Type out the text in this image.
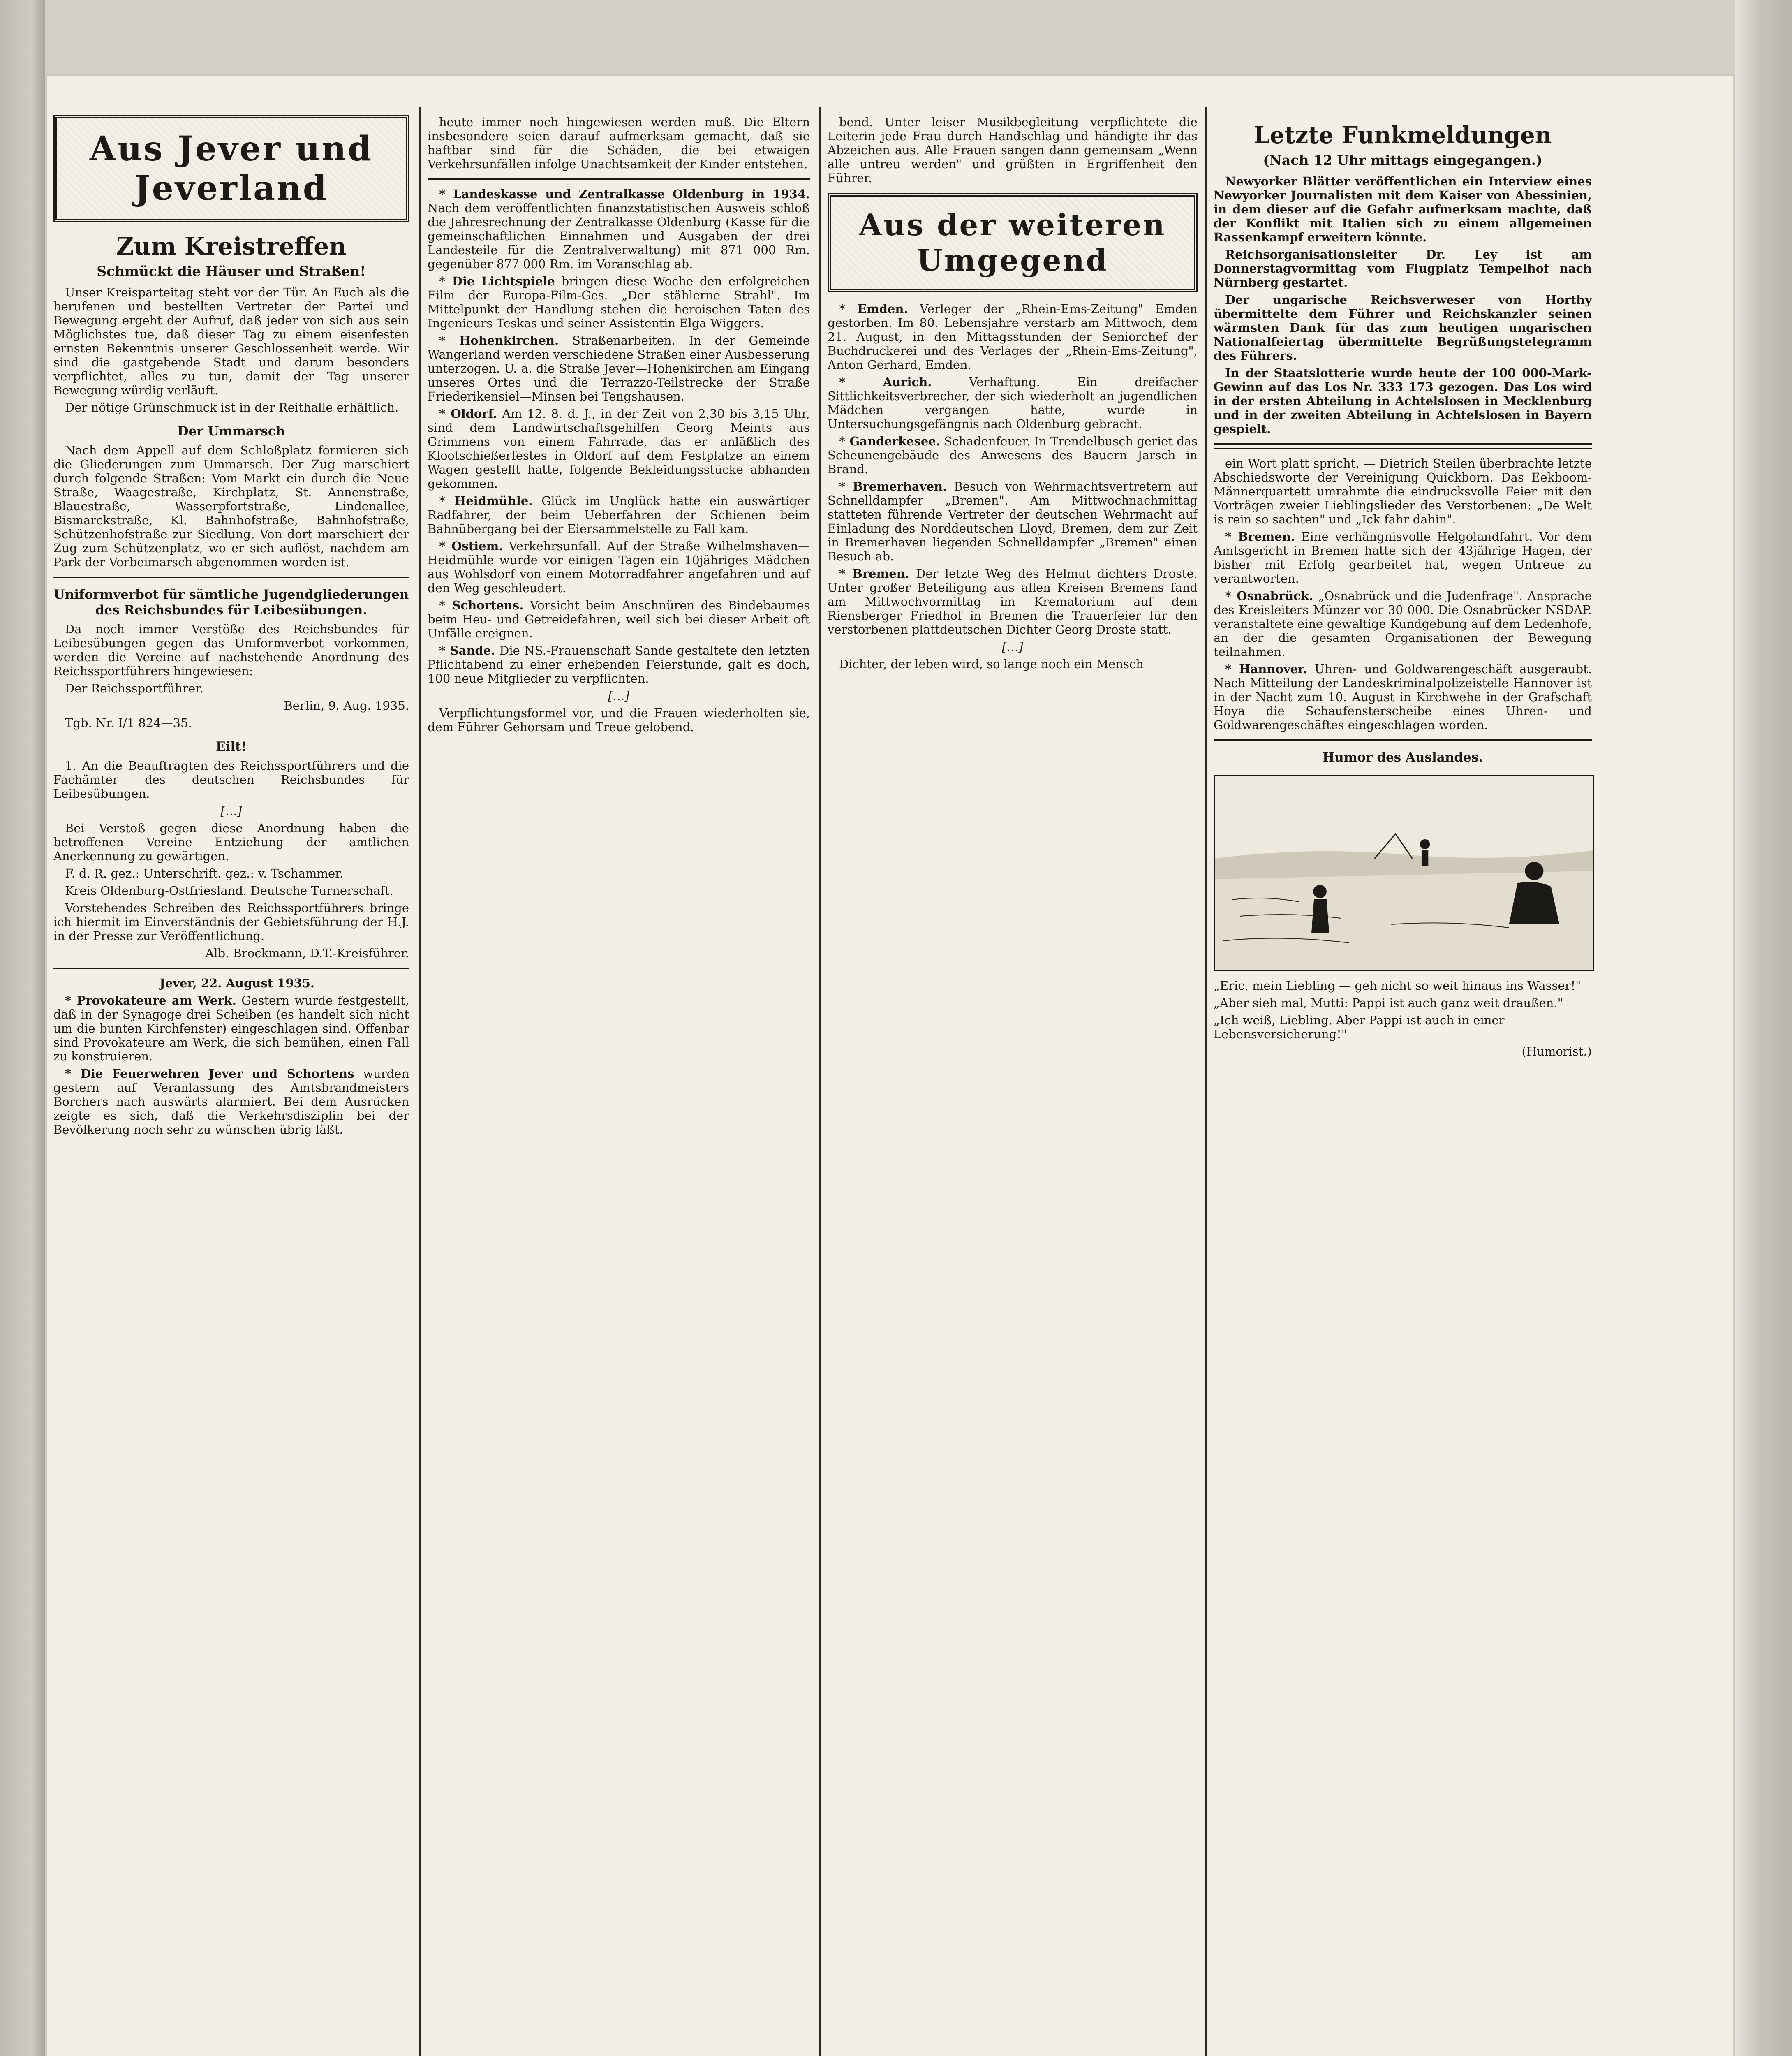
Aus Jever und Jeverland
Zum Kreistreffen
Schmückt die Häuser und Straßen!

Unser Kreisparteitag steht vor der Tür. An Euch als die berufenen und bestellten Vertreter der Partei und Bewegung ergeht der Aufruf, daß jeder von sich aus sein Möglichstes tue, daß dieser Tag zu einem eisenfesten ernsten Bekenntnis unserer Geschlossenheit werde. Wir sind die gastgebende Stadt und darum besonders verpflichtet, alles zu tun, damit der Tag unserer Bewegung würdig verläuft.

Der nötige Grünschmuck ist in der Reithalle erhältlich.

Der Ummarsch

Nach dem Appell auf dem Schloßplatz formieren sich die Gliederungen zum Ummarsch. Der Zug marschiert durch folgende Straßen: Vom Markt ein durch die Neue Straße, Waagestraße, Kirchplatz, St. Annenstraße, Blauestraße, Wasserpfortstraße, Lindenallee, Bismarckstraße, Kl. Bahnhofstraße, Bahnhofstraße, Schützenhofstraße zur Siedlung. Von dort marschiert der Zug zum Schützenplatz, wo er sich auflöst, nachdem am Park der Vorbeimarsch abgenommen worden ist.

Uniformverbot für sämtliche Jugendgliederungen des Reichsbundes für Leibesübungen.

Da noch immer Verstöße des Reichsbundes für Leibesübungen gegen das Uniformverbot vorkommen, werden die Vereine auf nachstehende Anordnung des Reichssportführers hingewiesen:

Der Reichssportführer.

Berlin, 9. Aug. 1935.

Tgb. Nr. I/1 824—35.

Eilt!

1. An die Beauftragten des Reichssportführers und die Fachämter des deutschen Reichsbundes für Leibesübungen.

[…]

Bei Verstoß gegen diese Anordnung haben die betroffenen Vereine Entziehung der amtlichen Anerkennung zu gewärtigen.

F. d. R. gez.: Unterschrift. gez.: v. Tschammer.

Kreis Oldenburg-Ostfriesland. Deutsche Turnerschaft.

Vorstehendes Schreiben des Reichssportführers bringe ich hiermit im Einverständnis der Gebietsführung der H.J. in der Presse zur Veröffentlichung.

Alb. Brockmann, D.T.-Kreisführer.

Jever, 22. August 1935.

* Provokateure am Werk. Gestern wurde festgestellt, daß in der Synagoge drei Scheiben (es handelt sich nicht um die bunten Kirchfenster) eingeschlagen sind. Offenbar sind Provokateure am Werk, die sich bemühen, einen Fall zu konstruieren.

* Die Feuerwehren Jever und Schortens wurden gestern auf Veranlassung des Amtsbrandmeisters Borchers nach auswärts alarmiert. Bei dem Ausrücken zeigte es sich, daß die Verkehrsdisziplin bei der Bevölkerung noch sehr zu wünschen übrig läßt.

heute immer noch hingewiesen werden muß. Die Eltern insbesondere seien darauf aufmerksam gemacht, daß sie haftbar sind für die Schäden, die bei etwaigen Verkehrsunfällen infolge Unachtsamkeit der Kinder entstehen.

* Landeskasse und Zentralkasse Oldenburg in 1934. Nach dem veröffentlichten finanzstatistischen Ausweis schloß die Jahresrechnung der Zentralkasse Oldenburg (Kasse für die gemeinschaftlichen Einnahmen und Ausgaben der drei Landesteile für die Zentralverwaltung) mit 871 000 Rm. gegenüber 877 000 Rm. im Voranschlag ab.

* Die Lichtspiele bringen diese Woche den erfolgreichen Film der Europa-Film-Ges. „Der stählerne Strahl". Im Mittelpunkt der Handlung stehen die heroischen Taten des Ingenieurs Teskas und seiner Assistentin Elga Wiggers.

* Hohenkirchen. Straßenarbeiten. In der Gemeinde Wangerland werden verschiedene Straßen einer Ausbesserung unterzogen. U. a. die Straße Jever—Hohenkirchen am Eingang unseres Ortes und die Terrazzo-Teilstrecke der Straße Friederikensiel—Minsen bei Tengshausen.

* Oldorf. Am 12. 8. d. J., in der Zeit von 2,30 bis 3,15 Uhr, sind dem Landwirtschaftsgehilfen Georg Meints aus Grimmens von einem Fahrrade, das er anläßlich des Klootschießerfestes in Oldorf auf dem Festplatze an einem Wagen gestellt hatte, folgende Bekleidungsstücke abhanden gekommen.

* Heidmühle. Glück im Unglück hatte ein auswärtiger Radfahrer, der beim Ueberfahren der Schienen beim Bahnübergang bei der Eiersammelstelle zu Fall kam.

* Ostiem. Verkehrsunfall. Auf der Straße Wilhelmshaven—Heidmühle wurde vor einigen Tagen ein 10jähriges Mädchen aus Wohlsdorf von einem Motorradfahrer angefahren und auf den Weg geschleudert.

* Schortens. Vorsicht beim Anschnüren des Bindebaumes beim Heu- und Getreidefahren, weil sich bei dieser Arbeit oft Unfälle ereignen.

* Sande. Die NS.-Frauenschaft Sande gestaltete den letzten Pflichtabend zu einer erhebenden Feierstunde, galt es doch, 100 neue Mitglieder zu verpflichten.

[…]

Verpflichtungsformel vor, und die Frauen wiederholten sie, dem Führer Gehorsam und Treue gelobend.

bend. Unter leiser Musikbegleitung verpflichtete die Leiterin jede Frau durch Handschlag und händigte ihr das Abzeichen aus. Alle Frauen sangen dann gemeinsam „Wenn alle untreu werden" und grüßten in Ergriffenheit den Führer.

Aus der weiteren Umgegend

* Emden. Verleger der „Rhein-Ems-Zeitung" Emden gestorben. Im 80. Lebensjahre verstarb am Mittwoch, dem 21. August, in den Mittagsstunden der Seniorchef der Buchdruckerei und des Verlages der „Rhein-Ems-Zeitung", Anton Gerhard, Emden.

* Aurich.	Verhaftung. Ein dreifacher Sittlichkeitsverbrecher, der sich wiederholt an jugendlichen Mädchen vergangen hatte, wurde in Untersuchungsgefängnis nach Oldenburg gebracht.

* Ganderkesee. Schadenfeuer. In Trendelbusch geriet das Scheunengebäude des Anwesens des Bauern Jarsch in Brand.

* Bremerhaven. Besuch von Wehrmachtsvertretern auf Schnelldampfer „Bremen". Am Mittwochnachmittag statteten führende Vertreter der deutschen Wehrmacht auf Einladung des Norddeutschen Lloyd, Bremen, dem zur Zeit in Bremerhaven liegenden Schnelldampfer „Bremen" einen Besuch ab.

* Bremen. Der letzte Weg des Helmut dichters Droste. Unter großer Beteiligung aus allen Kreisen Bremens fand am Mittwochvormittag im Krematorium auf dem Riensberger Friedhof in Bremen die Trauerfeier für den verstorbenen plattdeutschen Dichter Georg Droste statt.

[…]

Dichter, der leben wird, so lange noch ein Mensch

Letzte Funkmeldungen
(Nach 12 Uhr mittags eingegangen.)

Newyorker Blätter veröffentlichen ein Interview eines Newyorker Journalisten mit dem Kaiser von Abessinien, in dem dieser auf die Gefahr aufmerksam machte, daß der Konflikt mit Italien sich zu einem allgemeinen Rassenkampf erweitern könnte.

Reichsorganisationsleiter Dr. Ley ist am Donnerstagvormittag vom Flugplatz Tempelhof nach Nürnberg gestartet.

Der ungarische Reichsverweser von Horthy übermittelte dem Führer und Reichskanzler seinen wärmsten Dank für das zum heutigen ungarischen Nationalfeiertag übermittelte Begrüßungstelegramm des Führers.

In der Staatslotterie wurde heute der 100 000-Mark-Gewinn auf das Los Nr. 333 173 gezogen. Das Los wird in der ersten Abteilung in Achtelslosen in Mecklenburg und in der zweiten Abteilung in Achtelslosen in Bayern gespielt.

ein Wort platt spricht. — Dietrich Steilen überbrachte letzte Abschiedsworte der Vereinigung Quickborn. Das Eekboom-Männerquartett umrahmte die eindrucksvolle Feier mit den Vorträgen zweier Lieblingslieder des Verstorbenen: „De Welt is rein so sachten" und „Ick fahr dahin".

* Bremen. Eine verhängnisvolle Helgolandfahrt. Vor dem Amtsgericht in Bremen hatte sich der 43jährige Hagen, der bisher mit Erfolg gearbeitet hat, wegen Untreue zu verantworten.

* Osnabrück. „Osnabrück und die Judenfrage". Ansprache des Kreisleiters Münzer vor 30 000. Die Osnabrücker NSDAP. veranstaltete eine gewaltige Kundgebung auf dem Ledenhofe, an der die gesamten Organisationen der Bewegung teilnahmen.

* Hannover. Uhren- und Goldwarengeschäft ausgeraubt. Nach Mitteilung der Landeskriminalpolizeistelle Hannover ist in der Nacht zum 10. August in Kirchwehe in der Grafschaft Hoya die Schaufensterscheibe eines Uhren- und Goldwarengeschäftes eingeschlagen worden.

Humor des Auslandes.

„Eric, mein Liebling — geh nicht so weit hinaus ins Wasser!"

„Aber sieh mal, Mutti: Pappi ist auch ganz weit draußen."

„Ich weiß, Liebling. Aber Pappi ist auch in einer Lebensversicherung!"

(Humorist.)
